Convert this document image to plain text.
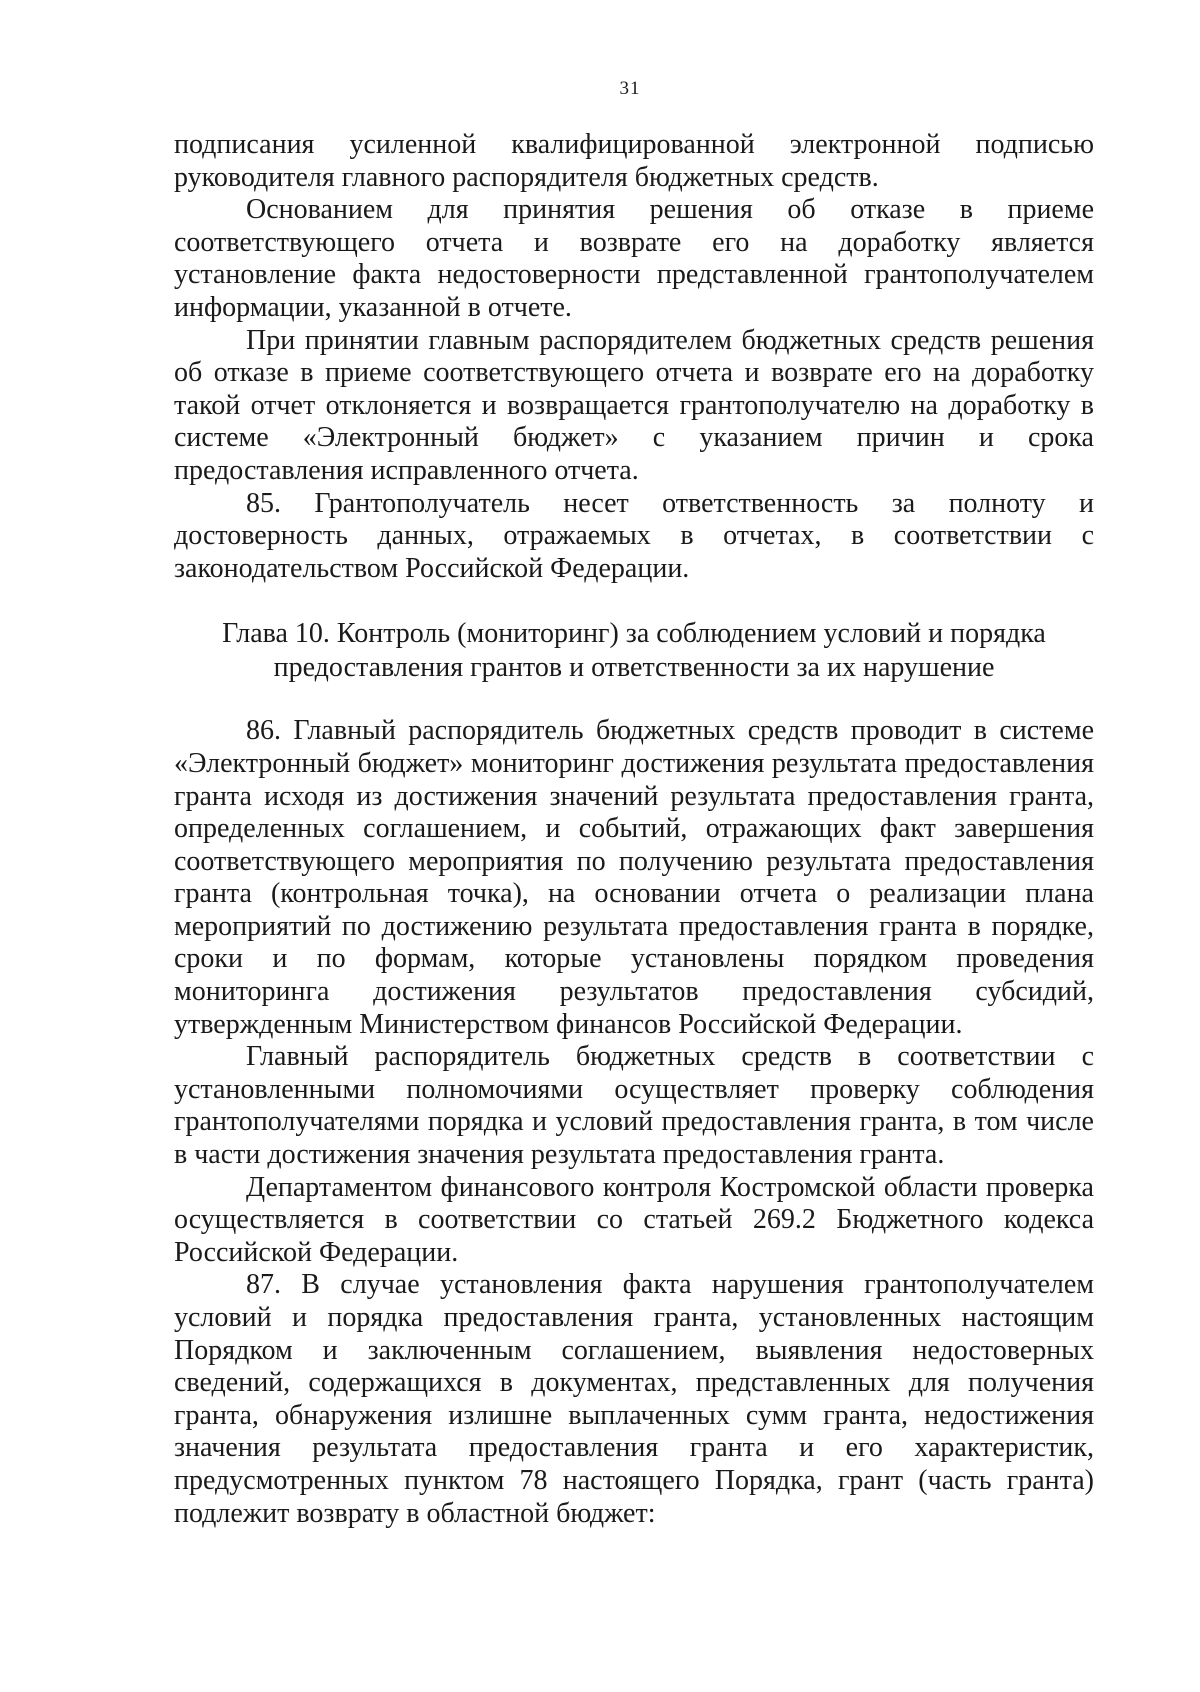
31

подписания усиленной квалифицированной электронной подписью руководителя главного распорядителя бюджетных средств.

Основанием для принятия решения об отказе в приеме соответствующего отчета и возврате его на доработку является установление факта недостоверности представленной грантополучателем информации, указанной в отчете.

При принятии главным распорядителем бюджетных средств решения об отказе в приеме соответствующего отчета и возврате его на доработку такой отчет отклоняется и возвращается грантополучателю на доработку в системе «Электронный бюджет» с указанием причин и срока предоставления исправленного отчета.

85. Грантополучатель несет ответственность за полноту и достоверность данных, отражаемых в отчетах, в соответствии с законодательством Российской Федерации.

Глава 10. Контроль (мониторинг) за соблюдением условий и порядка
предоставления грантов и ответственности за их нарушение

86. Главный распорядитель бюджетных средств проводит в системе «Электронный бюджет» мониторинг достижения результата предоставления гранта исходя из достижения значений результата предоставления гранта, определенных соглашением, и событий, отражающих факт завершения соответствующего мероприятия по получению результата предоставления гранта (контрольная точка), на основании отчета о реализации плана мероприятий по достижению результата предоставления гранта в порядке, сроки и по формам, которые установлены порядком проведения мониторинга достижения результатов предоставления субсидий, утвержденным Министерством финансов Российской Федерации.

Главный распорядитель бюджетных средств в соответствии с установленными полномочиями осуществляет проверку соблюдения грантополучателями порядка и условий предоставления гранта, в том числе в части достижения значения результата предоставления гранта.

Департаментом финансового контроля Костромской области проверка осуществляется в соответствии со статьей 269.2 Бюджетного кодекса Российской Федерации.

87. В случае установления факта нарушения грантополучателем условий и порядка предоставления гранта, установленных настоящим Порядком и заключенным соглашением, выявления недостоверных сведений, содержащихся в документах, представленных для получения гранта, обнаружения излишне выплаченных сумм гранта, недостижения значения результата предоставления гранта и его характеристик, предусмотренных пунктом 78 настоящего Порядка, грант (часть гранта) подлежит возврату в областной бюджет:
